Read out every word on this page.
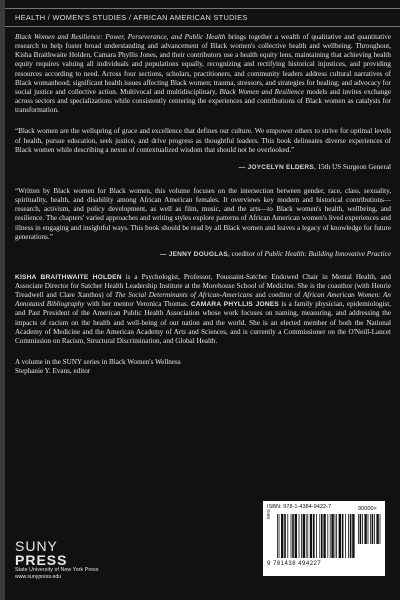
HEALTH / WOMEN'S STUDIES / AFRICAN AMERICAN STUDIES

Black Women and Resilience: Power, Perseverance, and Public Health brings together a wealth of qualitative and quantitative research to help foster broad understanding and advancement of Black women's collective health and wellbeing. Throughout, Kisha Braithwaite Holden, Camara Phyllis Jones, and their contributors use a health equity lens, maintaining that achieving health equity requires valuing all individuals and populations equally, recognizing and rectifying historical injustices, and providing resources according to need. Across four sections, scholars, practitioners, and community leaders address cultural narratives of Black womanhood; significant health issues affecting Black women; trauma, stressors, and strategies for healing; and advocacy for social justice and collective action. Multivocal and multidisciplinary, Black Women and Resilience models and invites exchange across sectors and specializations while consistently centering the experiences and contributions of Black women as catalysts for transformation.

“Black women are the wellspring of grace and excellence that defines our culture. We empower others to strive for optimal levels of health, pursue education, seek justice, and drive progress as thoughtful leaders. This book delineates diverse experiences of Black women while describing a nexus of contextualized wisdom that should not be overlooked.”

— JOYCELYN ELDERS, 15th US Surgeon General

“Written by Black women for Black women, this volume focuses on the intersection between gender, race, class, sexuality, spirituality, health, and disability among African American females. It overviews key modern and historical contributions—research, activism, and policy development, as well as film, music, and the arts—to Black women's health, wellbeing, and resilience. The chapters' varied approaches and writing styles explore patterns of African American women's lived experiences and illness in engaging and insightful ways. This book should be read by all Black women and leaves a legacy of knowledge for future generations.”

— JENNY DOUGLAS, coeditor of Public Health: Building Innovative Practice

KISHA BRAITHWAITE HOLDEN is a Psychologist, Professor, Poussaint-Satcher Endowed Chair in Mental Health, and Associate Director for Satcher Health Leadership Institute at the Morehouse School of Medicine. She is the coauthor (with Henrie Treadwell and Clare Xanthos) of The Social Determinants of African-Americans and coeditor of African American Women: An Annotated Bibliography with her mentor Veronica Thomas. CAMARA PHYLLIS JONES is a family physician, epidemiologist, and Past President of the American Public Health Association whose work focuses on naming, measuring, and addressing the impacts of racism on the health and well-being of our nation and the world. She is an elected member of both the National Academy of Medicine and the American Academy of Arts and Sciences, and is currently a Commissioner on the O'Neill-Lancet Commission on Racism, Structural Discrimination, and Global Health.

A volume in the SUNY series in Black Women's Wellness

Stephanie Y. Evans, editor

SUNY
PRESS
State University of New York Press
www.sunypress.edu
ISBN: 978-1-4384-9422-7	90000>
MFG
9 781438 494227
